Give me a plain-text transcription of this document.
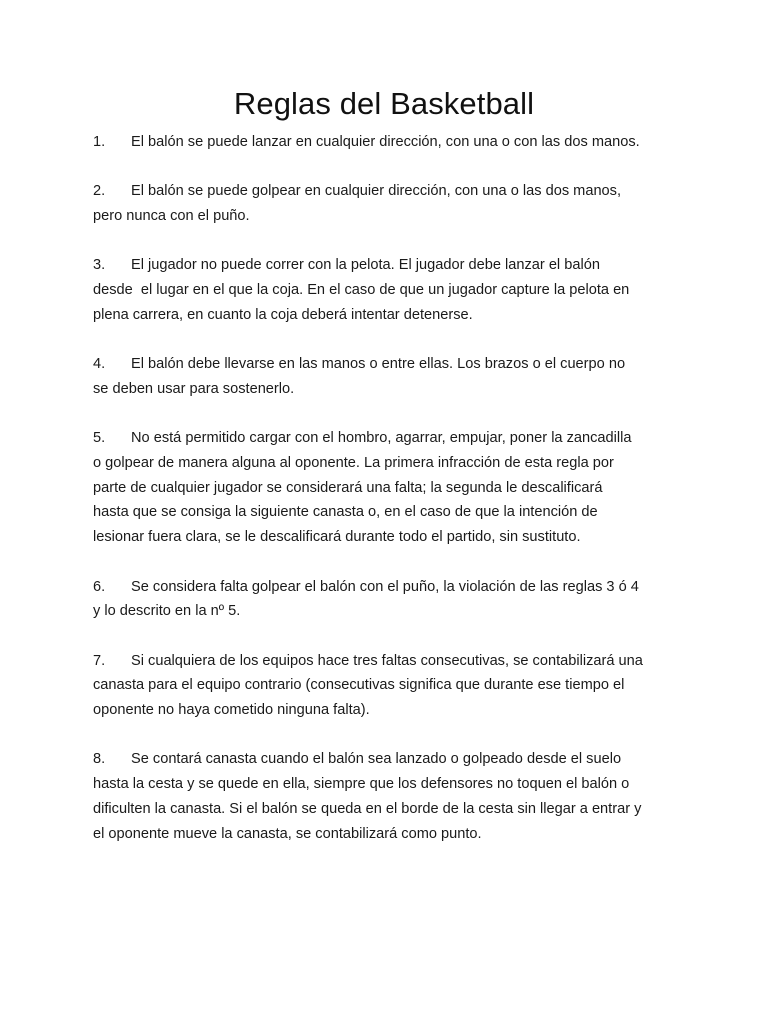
Reglas del Basketball
1. El balón se puede lanzar en cualquier dirección, con una o con las dos manos.
2. El balón se puede golpear en cualquier dirección, con una o las dos manos,
pero nunca con el puño.
3. El jugador no puede correr con la pelota. El jugador debe lanzar el balón
desde  el lugar en el que la coja. En el caso de que un jugador capture la pelota en
plena carrera, en cuanto la coja deberá intentar detenerse.
4. El balón debe llevarse en las manos o entre ellas. Los brazos o el cuerpo no
se deben usar para sostenerlo.
5. No está permitido cargar con el hombro, agarrar, empujar, poner la zancadilla
o golpear de manera alguna al oponente. La primera infracción de esta regla por
parte de cualquier jugador se considerará una falta; la segunda le descalificará
hasta que se consiga la siguiente canasta o, en el caso de que la intención de
lesionar fuera clara, se le descalificará durante todo el partido, sin sustituto.
6. Se considera falta golpear el balón con el puño, la violación de las reglas 3 ó 4
y lo descrito en la nº 5.
7. Si cualquiera de los equipos hace tres faltas consecutivas, se contabilizará una
canasta para el equipo contrario (consecutivas significa que durante ese tiempo el
oponente no haya cometido ninguna falta).
8. Se contará canasta cuando el balón sea lanzado o golpeado desde el suelo
hasta la cesta y se quede en ella, siempre que los defensores no toquen el balón o
dificulten la canasta. Si el balón se queda en el borde de la cesta sin llegar a entrar y
el oponente mueve la canasta, se contabilizará como punto.
